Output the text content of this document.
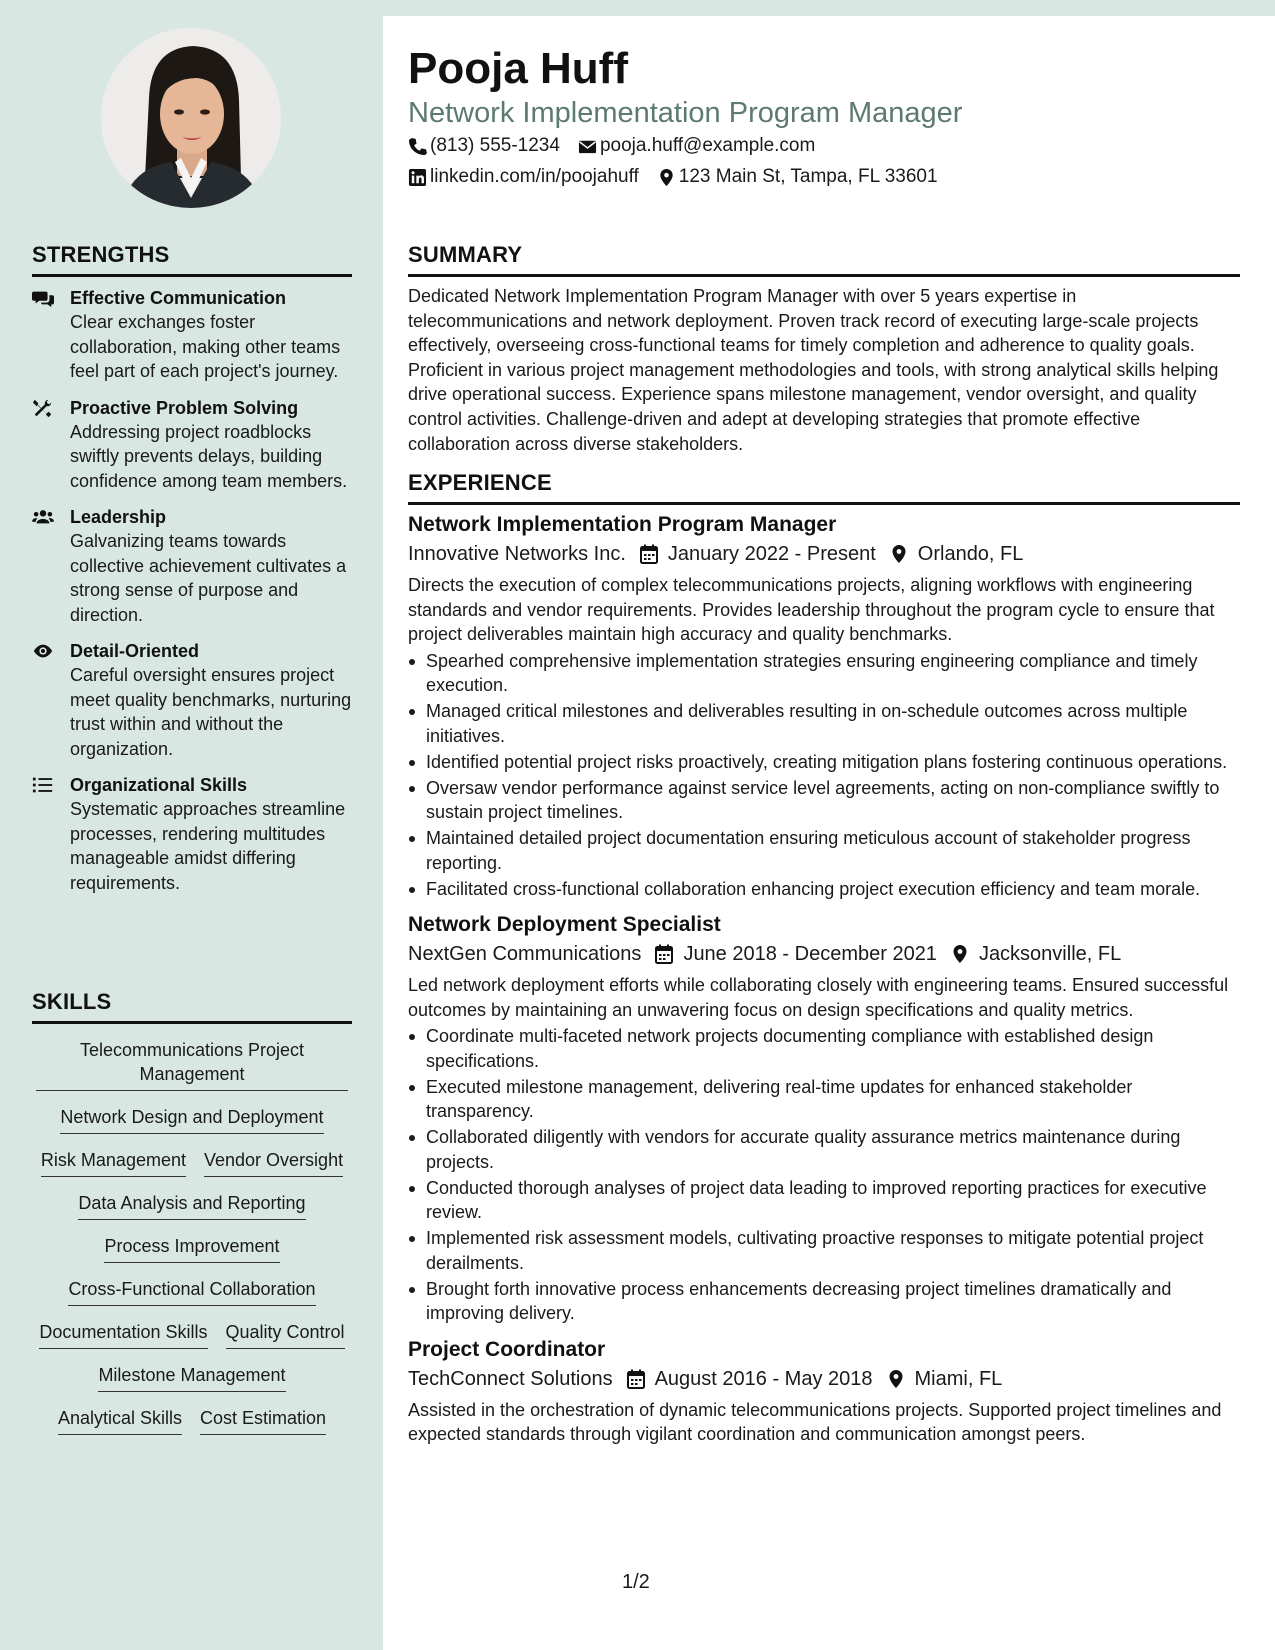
STRENGTHS
Effective Communication
Clear exchanges foster collaboration, making other teams feel part of each project's journey.
Proactive Problem Solving
Addressing project roadblocks swiftly prevents delays, building confidence among team members.
Leadership
Galvanizing teams towards collective achievement cultivates a strong sense of purpose and direction.
Detail-Oriented
Careful oversight ensures project meet quality benchmarks, nurturing trust within and without the organization.
Organizational Skills
Systematic approaches streamline processes, rendering multitudes manageable amidst differing requirements.
SKILLS
Telecommunications Project Management
Network Design and Deployment
Risk Management Vendor Oversight
Data Analysis and Reporting
Process Improvement
Cross-Functional Collaboration
Documentation Skills Quality Control
Milestone Management
Analytical Skills Cost Estimation
Pooja Huff
Network Implementation Program Manager
(813) 555-1234 pooja.huff@example.com
linkedin.com/in/poojahuff 123 Main St, Tampa, FL 33601
SUMMARY
Dedicated Network Implementation Program Manager with over 5 years expertise in telecommunications and network deployment. Proven track record of executing large-scale projects effectively, overseeing cross-functional teams for timely completion and adherence to quality goals. Proficient in various project management methodologies and tools, with strong analytical skills helping drive operational success. Experience spans milestone management, vendor oversight, and quality control activities. Challenge-driven and adept at developing strategies that promote effective collaboration across diverse stakeholders.
EXPERIENCE
Network Implementation Program Manager
Innovative Networks Inc. January 2022 - Present Orlando, FL
Directs the execution of complex telecommunications projects, aligning workflows with engineering standards and vendor requirements. Provides leadership throughout the program cycle to ensure that project deliverables maintain high accuracy and quality benchmarks.
Spearhed comprehensive implementation strategies ensuring engineering compliance and timely execution.
Managed critical milestones and deliverables resulting in on-schedule outcomes across multiple initiatives.
Identified potential project risks proactively, creating mitigation plans fostering continuous operations.
Oversaw vendor performance against service level agreements, acting on non-compliance swiftly to sustain project timelines.
Maintained detailed project documentation ensuring meticulous account of stakeholder progress reporting.
Facilitated cross-functional collaboration enhancing project execution efficiency and team morale.
Network Deployment Specialist
NextGen Communications June 2018 - December 2021 Jacksonville, FL
Led network deployment efforts while collaborating closely with engineering teams. Ensured successful outcomes by maintaining an unwavering focus on design specifications and quality metrics.
Coordinate multi-faceted network projects documenting compliance with established design specifications.
Executed milestone management, delivering real-time updates for enhanced stakeholder transparency.
Collaborated diligently with vendors for accurate quality assurance metrics maintenance during projects.
Conducted thorough analyses of project data leading to improved reporting practices for executive review.
Implemented risk assessment models, cultivating proactive responses to mitigate potential project derailments.
Brought forth innovative process enhancements decreasing project timelines dramatically and improving delivery.
Project Coordinator
TechConnect Solutions August 2016 - May 2018 Miami, FL
Assisted in the orchestration of dynamic telecommunications projects. Supported project timelines and expected standards through vigilant coordination and communication amongst peers.
1/2
